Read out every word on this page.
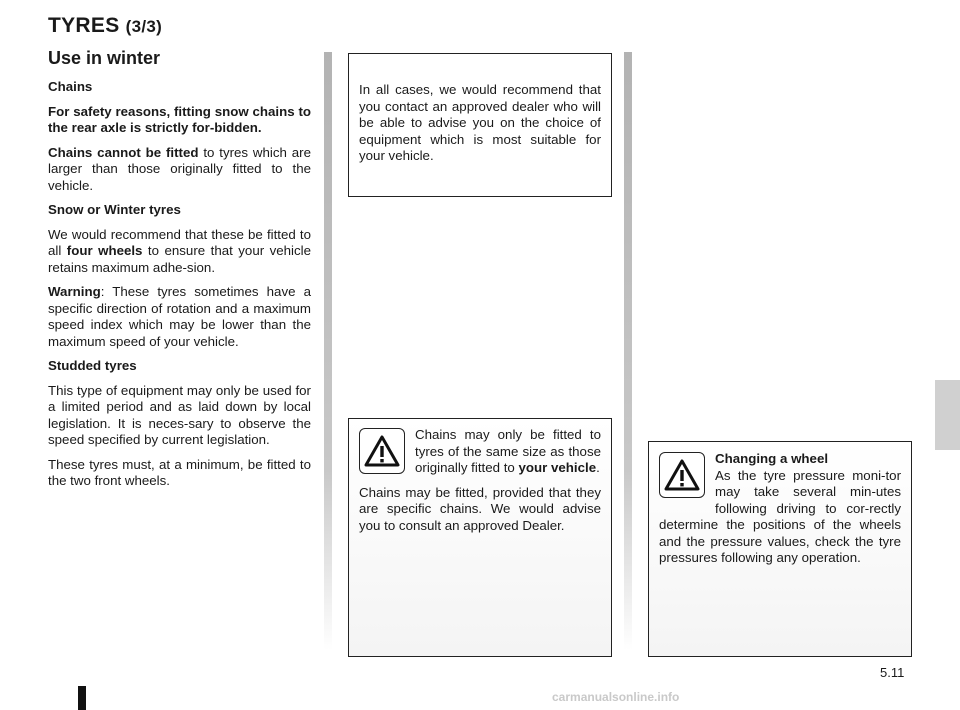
TYRES (3/3)
Use in winter

Chains

For safety reasons, fitting snow chains to the rear axle is strictly for-bidden.

Chains cannot be fitted to tyres which are larger than those originally fitted to the vehicle.

Snow or Winter tyres

We would recommend that these be fitted to all four wheels to ensure that your vehicle retains maximum adhe-sion.

Warning: These tyres sometimes have a specific direction of rotation and a maximum speed index which may be lower than the maximum speed of your vehicle.

Studded tyres

This type of equipment may only be used for a limited period and as laid down by local legislation. It is neces-sary to observe the speed specified by current legislation.

These tyres must, at a minimum, be fitted to the two front wheels.

In all cases, we would recommend that you contact an approved dealer who will be able to advise you on the choice of equipment which is most suitable for your vehicle.

Chains may only be fitted to tyres of the same size as those originally fitted to your vehicle.

Chains may be fitted, provided that they are specific chains. We would advise you to consult an approved Dealer.

Changing a wheel

As the tyre pressure moni-tor may take several min-utes following driving to cor-rectly determine the positions of the wheels and the pressure values, check the tyre pressures following any operation.

5.11
carmanualsonline.info
